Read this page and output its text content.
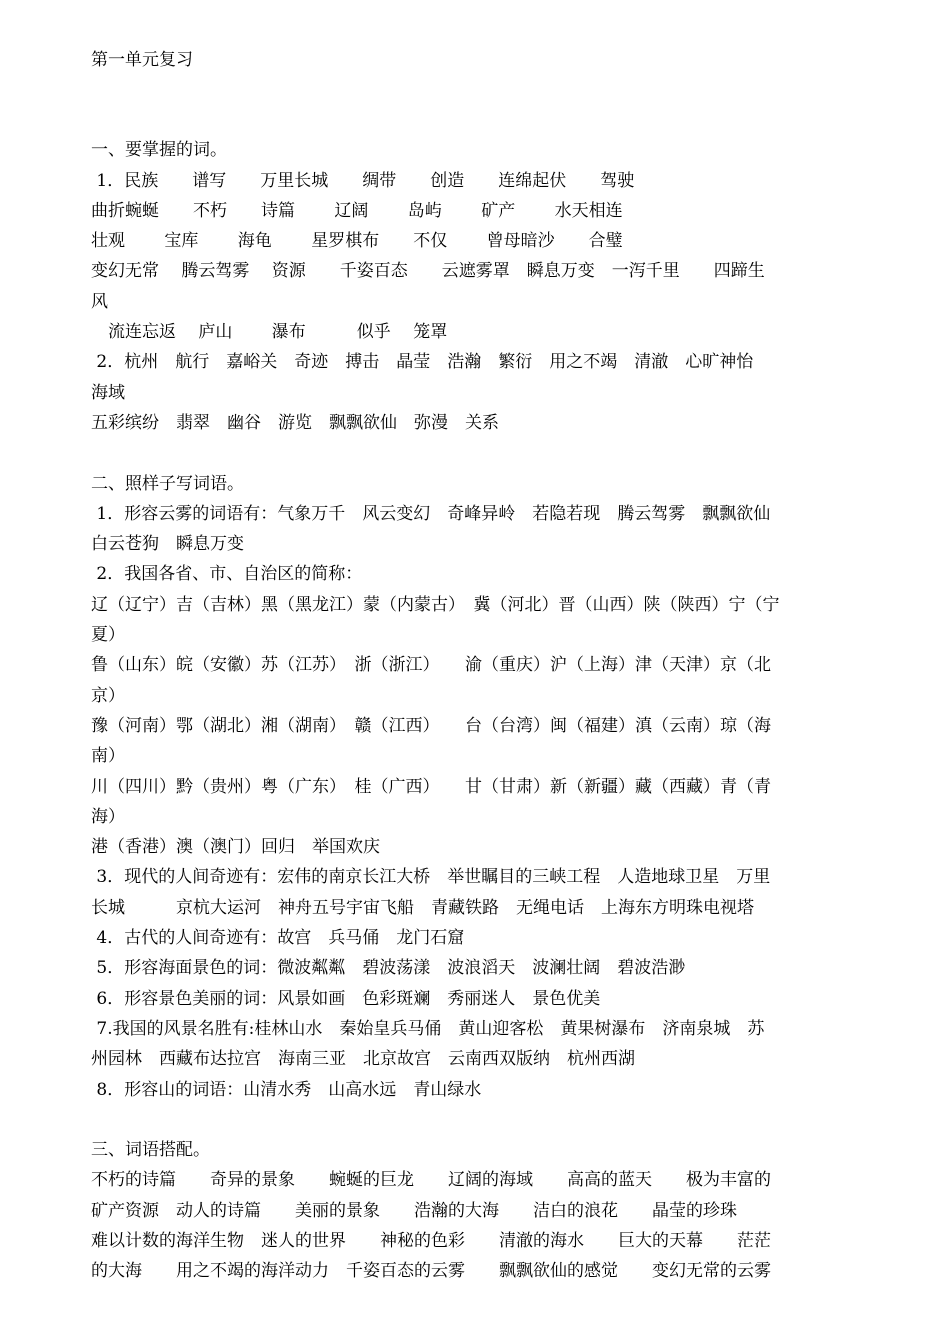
第一单元复习
一、要掌握的词。
1．民族　　谱写　　万里长城　　绸带　　创造　　连绵起伏　　驾驶
曲折蜿蜒　　不朽　　诗篇　　 辽阔　　 岛屿　　 矿产　　 水天相连
壮观　　 宝库　　 海龟　　 星罗棋布　　不仅　　 曾母暗沙　　合璧
变幻无常　 腾云驾雾　 资源　　千姿百态　　云遮雾罩　瞬息万变　一泻千里　　四蹄生
风
　流连忘返　 庐山　　 瀑布　　　似乎　 笼罩
2．杭州　航行　嘉峪关　奇迹　搏击　晶莹　浩瀚　繁衍　用之不竭　清澈　心旷神怡
海域
五彩缤纷　翡翠　幽谷　游览　飘飘欲仙　弥漫　关系
二、照样子写词语。
1．形容云雾的词语有：气象万千　风云变幻　奇峰异岭　若隐若现　腾云驾雾　飘飘欲仙
白云苍狗　瞬息万变
2．我国各省、市、自治区的简称：
辽（辽宁）吉（吉林）黑（黑龙江）蒙（内蒙古）　冀（河北）晋（山西）陕（陕西）宁（宁
夏）
鲁（山东）皖（安徽）苏（江苏）　浙（浙江）　　渝（重庆）沪（上海）津（天津）京（北
京）
豫（河南）鄂（湖北）湘（湖南）　赣（江西）　　台（台湾）闽（福建）滇（云南）琼（海
南）
川（四川）黔（贵州）粤（广东）　桂（广西）　　甘（甘肃）新（新疆）藏（西藏）青（青
海）
港（香港）澳（澳门）回归　举国欢庆
3．现代的人间奇迹有：宏伟的南京长江大桥　举世瞩目的三峡工程　人造地球卫星　万里
长城　　　京杭大运河　神舟五号宇宙飞船　青藏铁路　无绳电话　上海东方明珠电视塔
4．古代的人间奇迹有：故宫　兵马俑　龙门石窟
5．形容海面景色的词：微波粼粼　碧波荡漾　波浪滔天　波澜壮阔　碧波浩渺
6．形容景色美丽的词：风景如画　色彩斑斓　秀丽迷人　景色优美
7.我国的风景名胜有:桂林山水　秦始皇兵马俑　黄山迎客松　黄果树瀑布　济南泉城　苏
州园林　西藏布达拉宫　海南三亚　北京故宫　云南西双版纳　杭州西湖
8．形容山的词语：山清水秀　山高水远　青山绿水
三、词语搭配。
不朽的诗篇　　奇异的景象　　蜿蜒的巨龙　　辽阔的海域　　高高的蓝天　　极为丰富的
矿产资源　动人的诗篇　　美丽的景象　　浩瀚的大海　　洁白的浪花　　晶莹的珍珠
难以计数的海洋生物　迷人的世界　　神秘的色彩　　清澈的海水　　巨大的天幕　　茫茫
的大海　　用之不竭的海洋动力　千姿百态的云雾　　飘飘欲仙的感觉　　变幻无常的云雾
